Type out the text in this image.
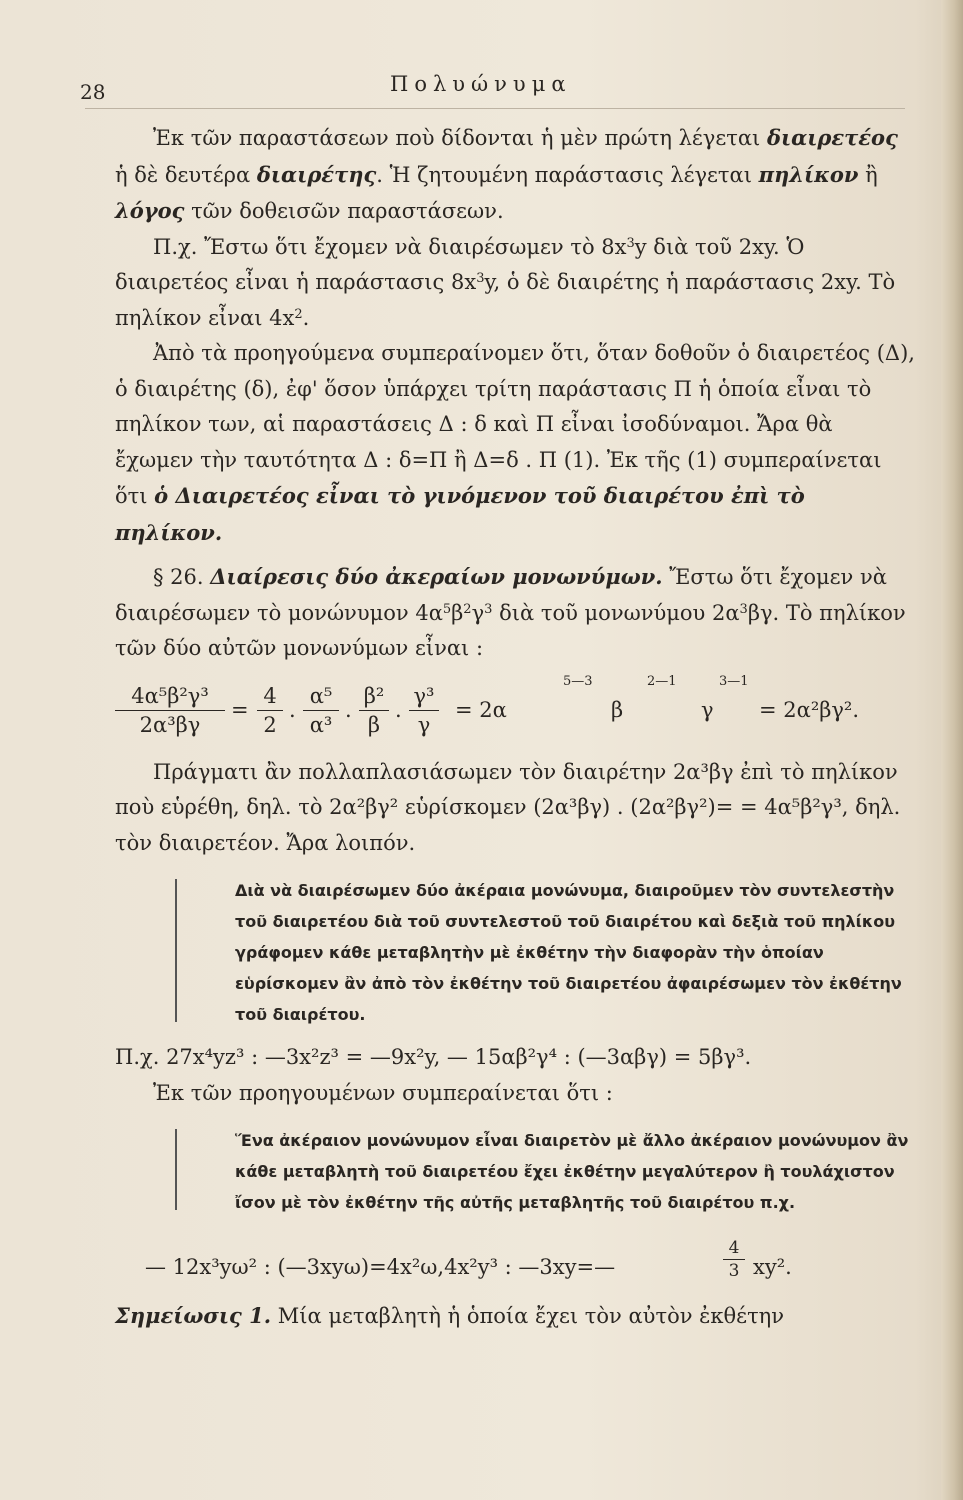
28	Πολυώνυμα

Ἐκ τῶν παραστάσεων ποὺ δίδονται ἡ μὲν πρώτη λέγεται διαιρετέος ἡ δὲ δευτέρα διαιρέτης. Ἡ ζητουμένη παράστασις λέγεται πηλίκον ἢ λόγος τῶν δοθεισῶν παραστάσεων.

Π.χ. Ἔστω ὅτι ἔχομεν νὰ διαιρέσωμεν τὸ $8x^3y$ διὰ τοῦ 2xy. Ὁ διαιρετέος εἶναι ἡ παράστασις $8x^3y$, ὁ δὲ διαιρέτης ἡ παράστασις 2xy. Τὸ πηλίκον εἶναι $4x^2$.

Ἀπὸ τὰ προηγούμενα συμπεραίνομεν ὅτι, ὅταν δοθοῦν ὁ διαιρετέος (Δ), ὁ διαιρέτης (δ), ἐφ' ὅσον ὑπάρχει τρίτη παράστασις Π ἡ ὁποία εἶναι τὸ πηλίκον των, αἱ παραστάσεις Δ : δ καὶ Π εἶναι ἰσοδύναμοι. Ἄρα θὰ ἔχωμεν τὴν ταυτότητα Δ : δ=Π ἢ Δ=δ . Π (1). Ἐκ τῆς (1) συμπεραίνεται ὅτι ὁ Διαιρετέος εἶναι τὸ γινόμενον τοῦ διαιρέτου ἐπὶ τὸ πηλίκον.

§ 26. Διαίρεσις δύο ἀκεραίων μονωνύμων. Ἔστω ὅτι ἔχομεν νὰ διαιρέσωμεν τὸ μονώνυμον $4\alpha^5\beta^2\gamma^3$ διὰ τοῦ μονωνύμου $2\alpha^3\beta\gamma$. Τὸ πηλίκον τῶν δύο αὐτῶν μονωνύμων εἶναι :

4α⁵β²γ³
2α³βγ
=
4
2
.
α⁵
α³
.
β²
β
.
γ³
γ
= 2α
5—3
β
2—1
γ
3—1
= 2α²βγ².

Πράγματι ἂν πολλαπλασιάσωμεν τὸν διαιρέτην 2α³βγ ἐπὶ τὸ πηλίκον ποὺ εὑρέθη, δηλ. τὸ 2α²βγ² εὑρίσκομεν (2α³βγ) . (2α²βγ²)= = 4α⁵β²γ³, δηλ. τὸν διαιρετέον. Ἄρα λοιπόν.

Διὰ νὰ διαιρέσωμεν δύο ἀκέραια μονώνυμα, διαιροῦμεν τὸν συντελεστὴν τοῦ διαιρετέου διὰ τοῦ συντελεστοῦ τοῦ διαιρέτου καὶ δεξιὰ τοῦ πηλίκου γράφομεν κάθε μεταβλητὴν μὲ ἐκθέτην τὴν διαφορὰν τὴν ὁποίαν εὑρίσκομεν ἂν ἀπὸ τὸν ἐκθέτην τοῦ διαιρετέου ἀφαιρέσωμεν τὸν ἐκθέτην τοῦ διαιρέτου.

Π.χ. 27x⁴yz³ : —3x²z³ = —9x²y, — 15αβ²γ⁴ : (—3αβγ) = 5βγ³.

Ἐκ τῶν προηγουμένων συμπεραίνεται ὅτι :

Ἕνα ἀκέραιον μονώνυμον εἶναι διαιρετὸν μὲ ἄλλο ἀκέραιον μονώνυμον ἂν κάθε μεταβλητὴ τοῦ διαιρετέου ἔχει ἐκθέτην μεγαλύτερον ἢ τουλάχιστον ἴσον μὲ τὸν ἐκθέτην τῆς αὐτῆς μεταβλητῆς τοῦ διαιρέτου π.χ.
— 12x³yω² : (—3xyω)=4x²ω,4x²y³ : —3xy=—
4
3 xy².

Σημείωσις 1. Μία μεταβλητὴ ἡ ὁποία ἔχει τὸν αὐτὸν ἐκθέτην
